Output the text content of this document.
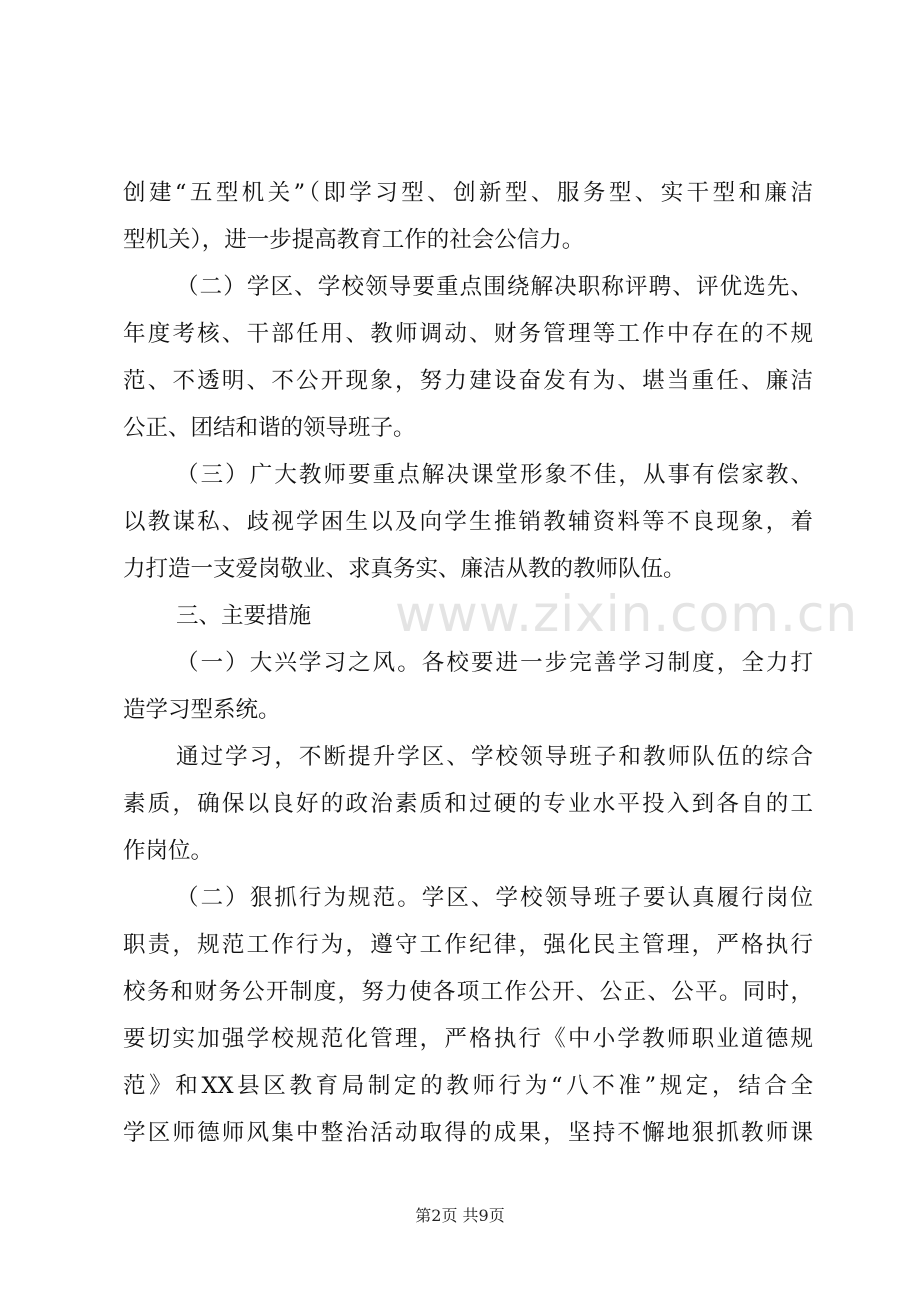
www.zixin.com.cn
创建“五型机关”（即学习型、创新型、服务型、实干型和廉洁
型机关），进一步提高教育工作的社会公信力。
（二）学区、学校领导要重点围绕解决职称评聘、评优选先、
年度考核、干部任用、教师调动、财务管理等工作中存在的不规
范、不透明、不公开现象，努力建设奋发有为、堪当重任、廉洁
公正、团结和谐的领导班子。
（三）广大教师要重点解决课堂形象不佳，从事有偿家教、
以教谋私、歧视学困生以及向学生推销教辅资料等不良现象，着
力打造一支爱岗敬业、求真务实、廉洁从教的教师队伍。
三、主要措施
（一）大兴学习之风。各校要进一步完善学习制度，全力打
造学习型系统。
通过学习，不断提升学区、学校领导班子和教师队伍的综合
素质，确保以良好的政治素质和过硬的专业水平投入到各自的工
作岗位。
（二）狠抓行为规范。学区、学校领导班子要认真履行岗位
职责，规范工作行为，遵守工作纪律，强化民主管理，严格执行
校务和财务公开制度，努力使各项工作公开、公正、公平。同时，
要切实加强学校规范化管理，严格执行《中小学教师职业道德规
范》和XX县区教育局制定的教师行为“八不准”规定，结合全
学区师德师风集中整治活动取得的成果，坚持不懈地狠抓教师课
第2页 共9页
